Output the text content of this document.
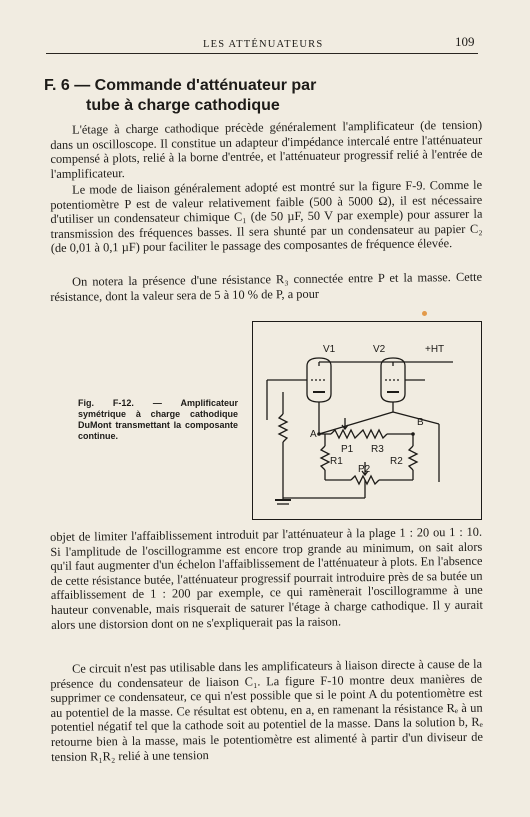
LES ATTÉNUATEURS	109
F. 6 — Commande d'atténuateur par
tube à charge cathodique

L'étage à charge cathodique précède généralement l'amplificateur (de tension) dans un oscilloscope. Il constitue un adapteur d'impédance intercalé entre l'atténuateur compensé à plots, relié à la borne d'entrée, et l'atténuateur progressif relié à l'entrée de l'amplificateur.

Le mode de liaison généralement adopté est montré sur la figure F-9. Comme le potentiomètre P est de valeur relativement faible (500 à 5000 Ω), il est nécessaire d'utiliser un condensateur chimique C₁ (de 50 µF, 50 V par exemple) pour assurer la transmission des fréquences basses. Il sera shunté par un condensateur au papier C₂ (de 0,01 à 0,1 µF) pour faciliter le passage des composantes de fréquence élevée.

On notera la présence d'une résistance R₃ connectée entre P et la masse. Cette résistance, dont la valeur sera de 5 à 10 % de P, a pour

V1	V2	+HT
A
B
P1 R3
R1	R2
P2
Fig. F-12. — Amplificateur symétrique à charge cathodique DuMont transmettant la composante continue.

objet de limiter l'affaiblissement introduit par l'atténuateur à la plage 1 : 20 ou 1 : 10. Si l'amplitude de l'oscillogramme est encore trop grande au minimum, on sait alors qu'il faut augmenter d'un échelon l'affaiblissement de l'atténuateur à plots. En l'absence de cette résistance butée, l'atténuateur progressif pourrait introduire près de sa butée un affaiblissement de 1 : 200 par exemple, ce qui ramènerait l'oscillogramme à une hauteur convenable, mais risquerait de saturer l'étage à charge cathodique. Il y aurait alors une distorsion dont on ne s'expliquerait pas la raison.

Ce circuit n'est pas utilisable dans les amplificateurs à liaison directe à cause de la présence du condensateur de liaison C₁. La figure F-10 montre deux manières de supprimer ce condensateur, ce qui n'est possible que si le point A du potentiomètre est au potentiel de la masse. Ce résultat est obtenu, en a, en ramenant la résistance Rₑ à un potentiel négatif tel que la cathode soit au potentiel de la masse. Dans la solution b, Rₑ retourne bien à la masse, mais le potentiomètre est alimenté à partir d'un diviseur de tension R₁R₂ relié à une tension
